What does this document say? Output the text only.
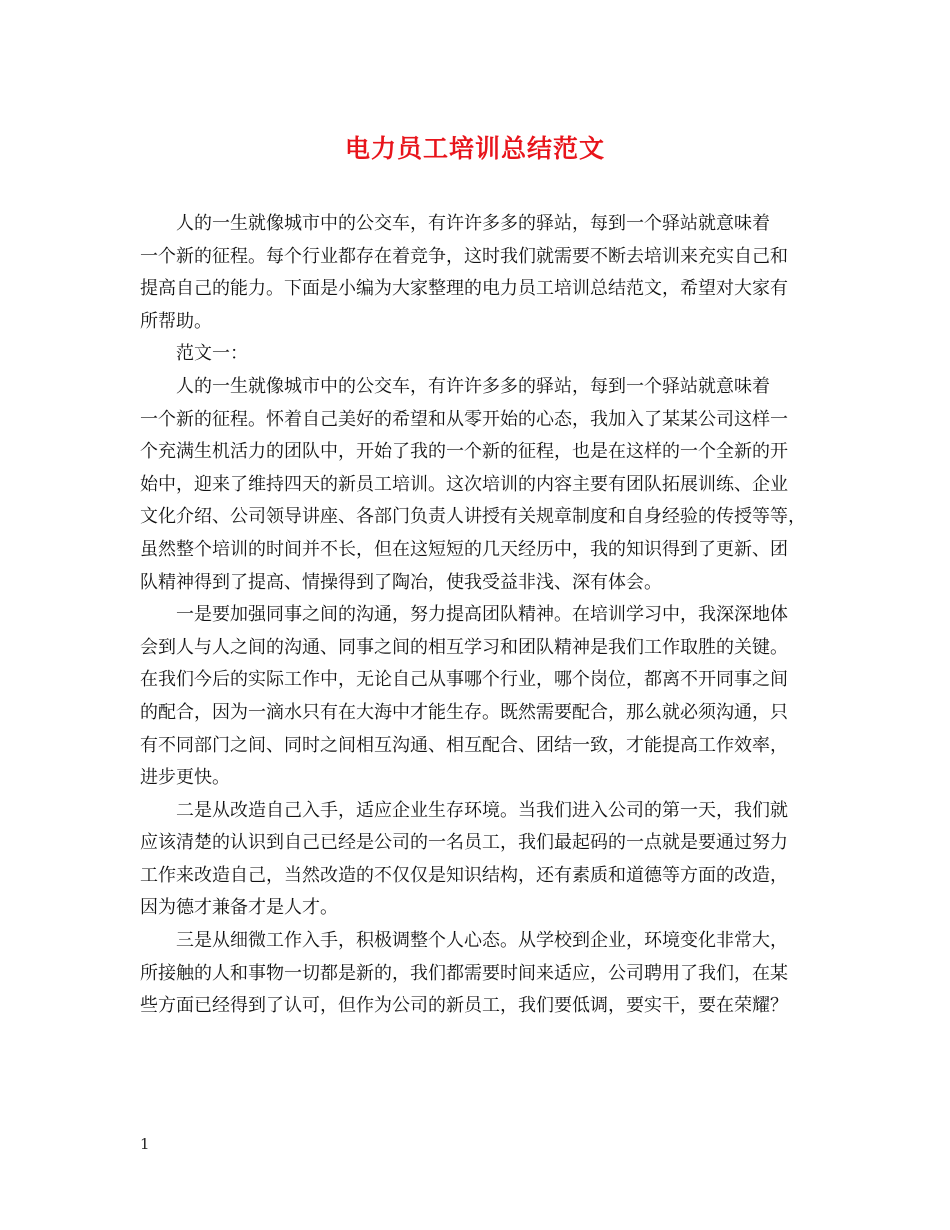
电力员工培训总结范文
人的一生就像城市中的公交车，有许许多多的驿站，每到一个驿站就意味着
一个新的征程。每个行业都存在着竞争，这时我们就需要不断去培训来充实自己和
提高自己的能力。下面是小编为大家整理的电力员工培训总结范文，希望对大家有
所帮助。
范文一：
人的一生就像城市中的公交车，有许许多多的驿站，每到一个驿站就意味着
一个新的征程。怀着自己美好的希望和从零开始的心态，我加入了某某公司这样一
个充满生机活力的团队中，开始了我的一个新的征程，也是在这样的一个全新的开
始中，迎来了维持四天的新员工培训。这次培训的内容主要有团队拓展训练、企业
文化介绍、公司领导讲座、各部门负责人讲授有关规章制度和自身经验的传授等等，
虽然整个培训的时间并不长，但在这短短的几天经历中，我的知识得到了更新、团
队精神得到了提高、情操得到了陶冶，使我受益非浅、深有体会。
一是要加强同事之间的沟通，努力提高团队精神。在培训学习中，我深深地体
会到人与人之间的沟通、同事之间的相互学习和团队精神是我们工作取胜的关键。
在我们今后的实际工作中，无论自己从事哪个行业，哪个岗位，都离不开同事之间
的配合，因为一滴水只有在大海中才能生存。既然需要配合，那么就必须沟通，只
有不同部门之间、同时之间相互沟通、相互配合、团结一致，才能提高工作效率，
进步更快。
二是从改造自己入手，适应企业生存环境。当我们进入公司的第一天，我们就
应该清楚的认识到自己已经是公司的一名员工，我们最起码的一点就是要通过努力
工作来改造自己，当然改造的不仅仅是知识结构，还有素质和道德等方面的改造，
因为德才兼备才是人才。
三是从细微工作入手，积极调整个人心态。从学校到企业，环境变化非常大，
所接触的人和事物一切都是新的，我们都需要时间来适应，公司聘用了我们，在某
些方面已经得到了认可，但作为公司的新员工，我们要低调，要实干，要在荣耀？
1
